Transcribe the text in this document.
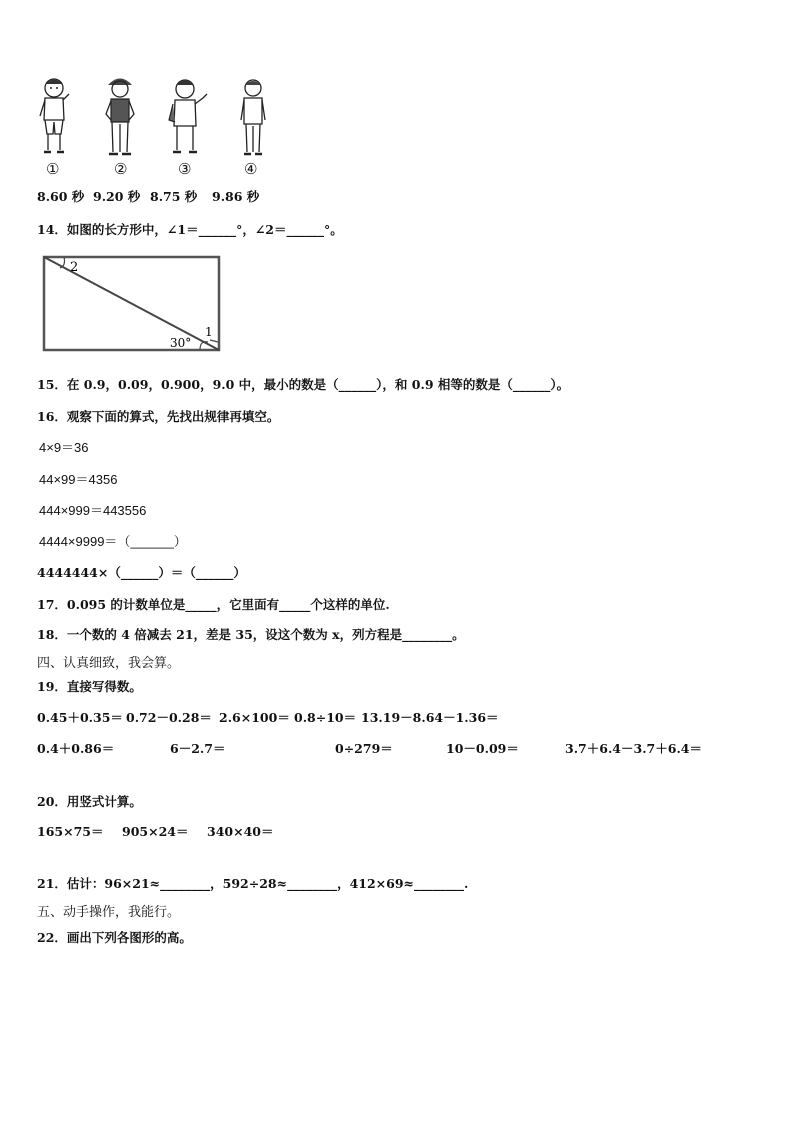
①	②	③	④
8.60 秒 9.20 秒 8.75 秒 9.86 秒
14．如图的长方形中，∠1＝______°，∠2＝______°。
2
1
30°
15．在 0.9，0.09，0.900，9.0 中，最小的数是（______），和 0.9 相等的数是（______）。
16．观察下面的算式，先找出规律再填空。
4×9＝36
44×99＝4356
444×999＝443556
4444×9999＝（______）
4444444×（______）＝（______）
17．0.095 的计数单位是_____，它里面有_____个这样的单位.
18．一个数的 4 倍减去 21，差是 35，设这个数为 x，列方程是________。
四、认真细致，我会算。
19．直接写得数。
0.45＋0.35＝ 0.72－0.28＝ 2.6×100＝ 0.8÷10＝ 13.19－8.64－1.36＝
0.4＋0.86＝	6－2.7＝	0÷279＝	10－0.09＝	3.7＋6.4－3.7＋6.4＝
20．用竖式计算。
165×75＝ 905×24＝ 340×40＝
21．估计：96×21≈________，592÷28≈________，412×69≈________.
五、动手操作，我能行。
22．画出下列各图形的高。
